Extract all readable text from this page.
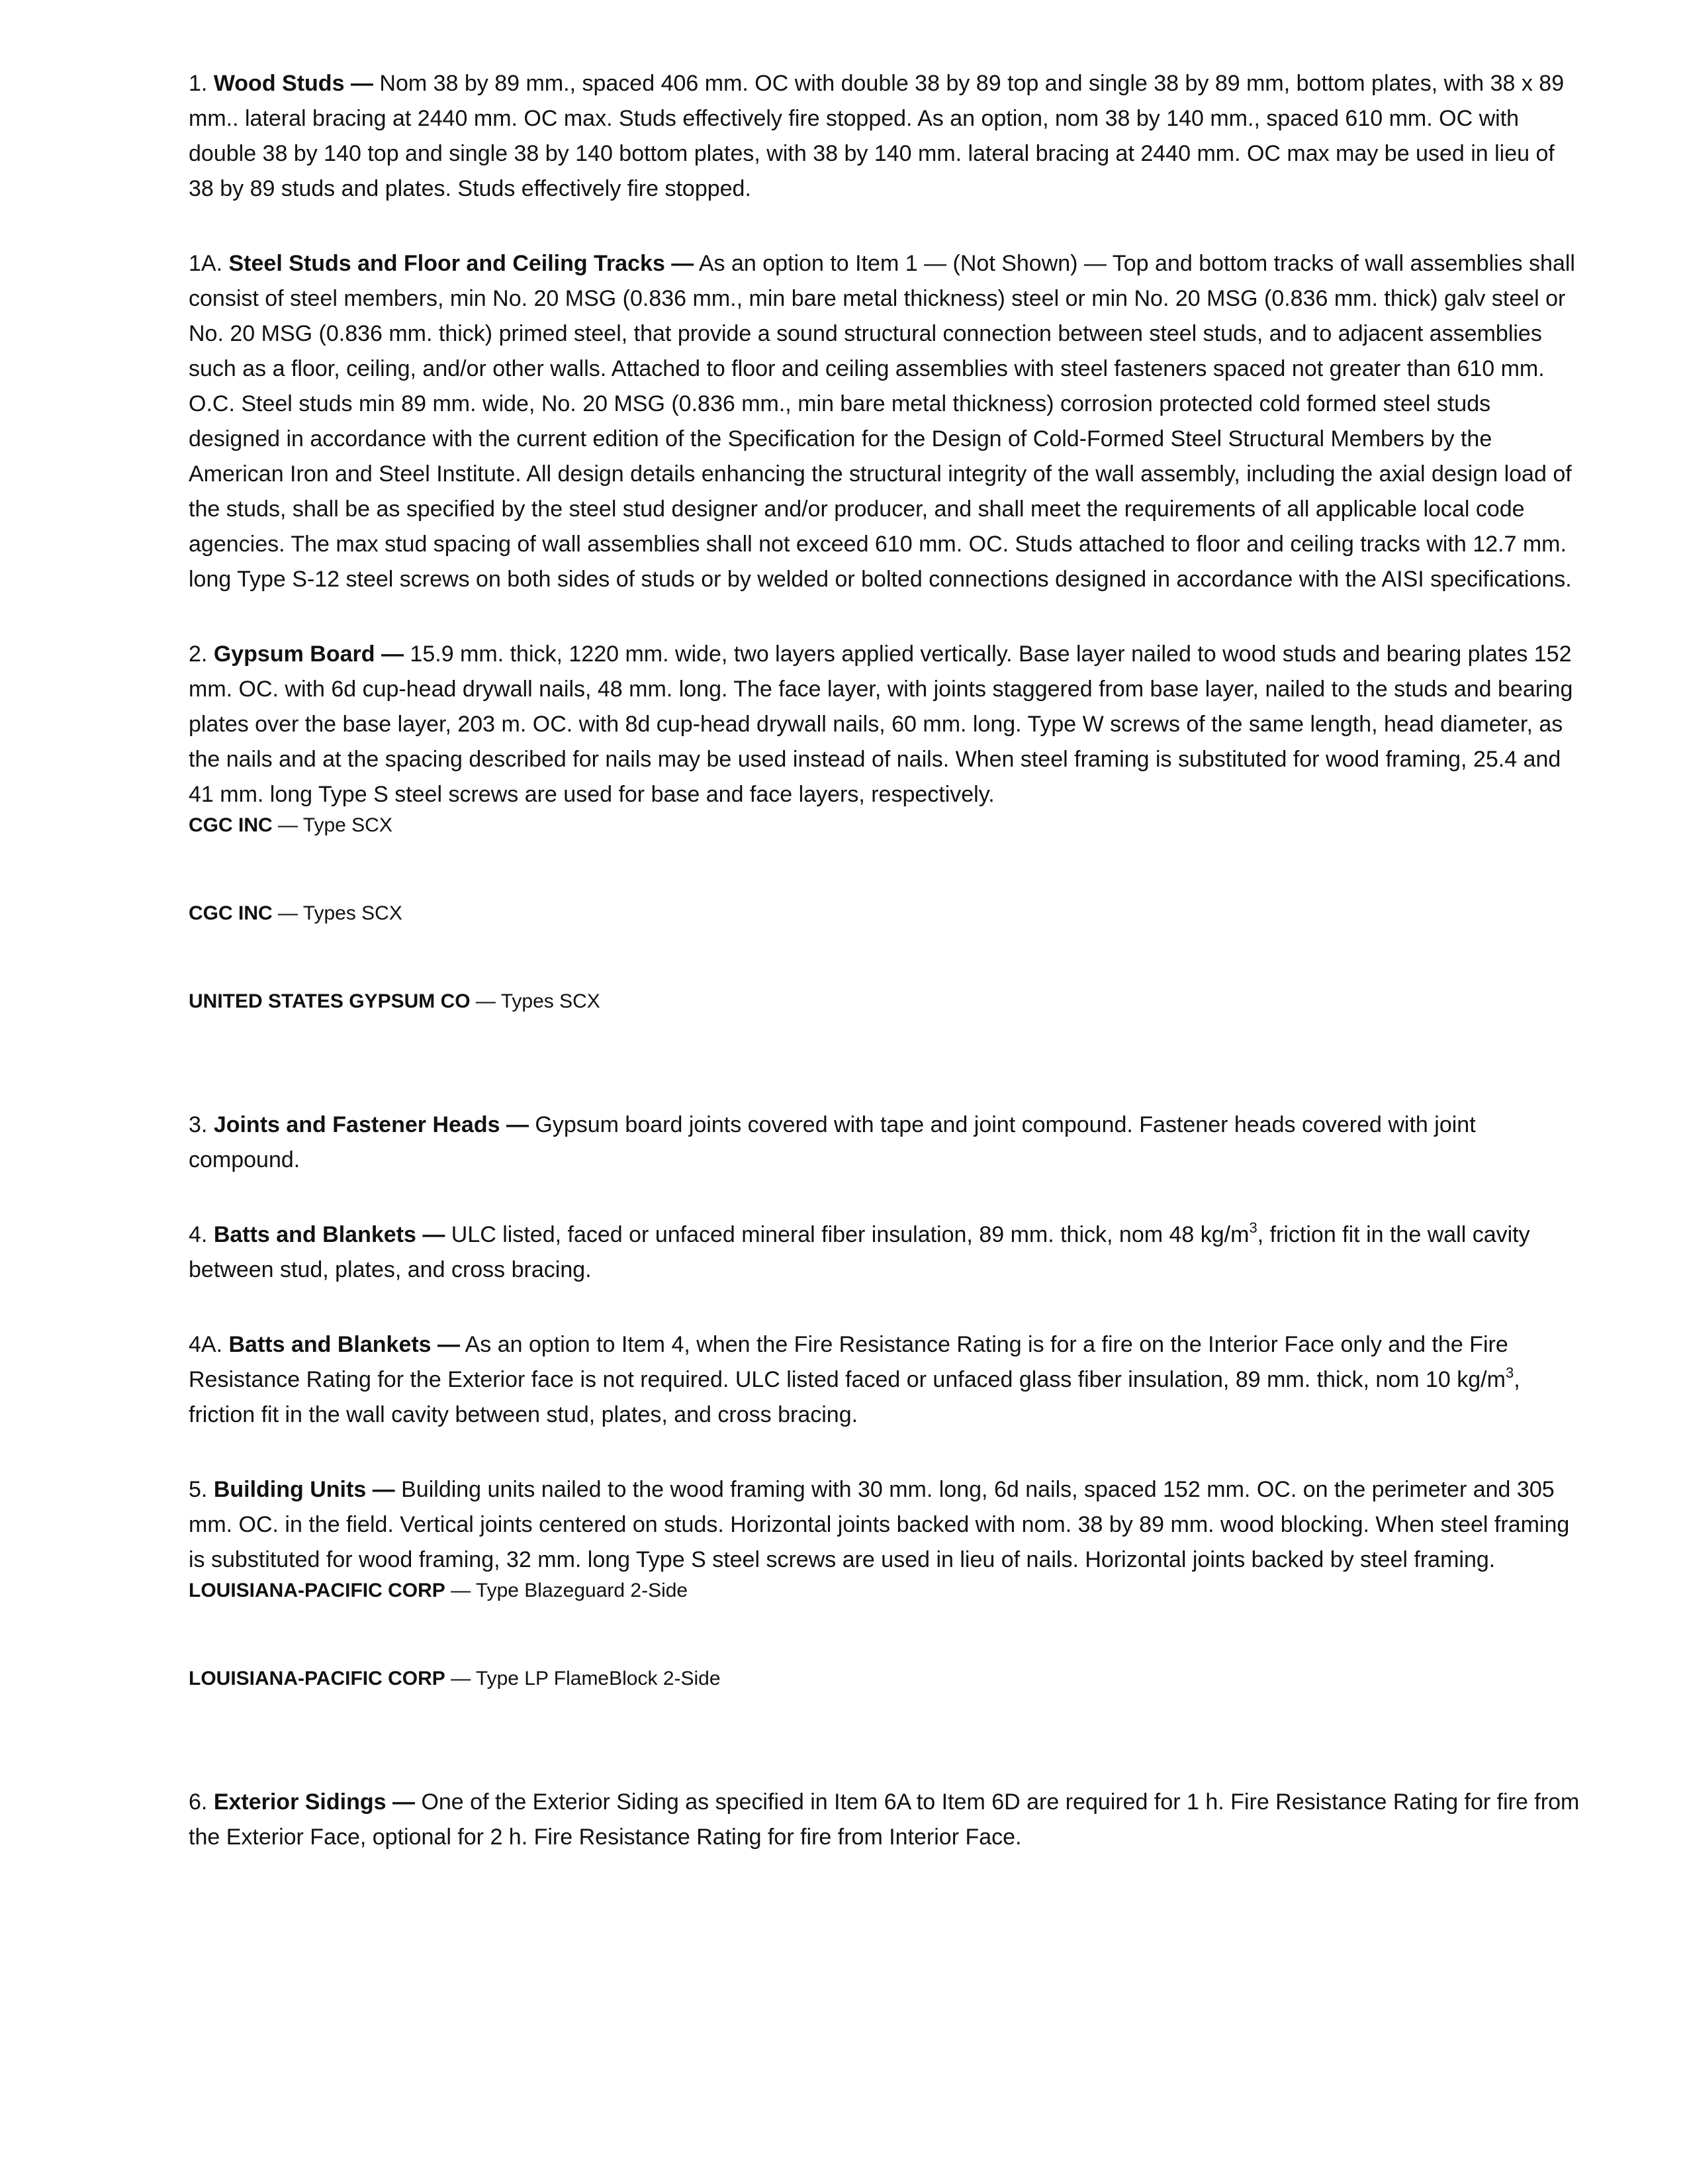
1. Wood Studs — Nom 38 by 89 mm., spaced 406 mm. OC with double 38 by 89 top and single 38 by 89 mm, bottom plates, with 38 x 89 mm.. lateral bracing at 2440 mm. OC max. Studs effectively fire stopped. As an option, nom 38 by 140 mm., spaced 610 mm. OC with double 38 by 140 top and single 38 by 140 bottom plates, with 38 by 140 mm. lateral bracing at 2440 mm. OC max may be used in lieu of 38 by 89 studs and plates. Studs effectively fire stopped.

1A. Steel Studs and Floor and Ceiling Tracks — As an option to Item 1 — (Not Shown) — Top and bottom tracks of wall assemblies shall consist of steel members, min No. 20 MSG (0.836 mm., min bare metal thickness) steel or min No. 20 MSG (0.836 mm. thick) galv steel or No. 20 MSG (0.836 mm. thick) primed steel, that provide a sound structural connection between steel studs, and to adjacent assemblies such as a floor, ceiling, and/or other walls. Attached to floor and ceiling assemblies with steel fasteners spaced not greater than 610 mm. O.C. Steel studs min 89 mm. wide, No. 20 MSG (0.836 mm., min bare metal thickness) corrosion protected cold formed steel studs designed in accordance with the current edition of the Specification for the Design of Cold-Formed Steel Structural Members by the American Iron and Steel Institute. All design details enhancing the structural integrity of the wall assembly, including the axial design load of the studs, shall be as specified by the steel stud designer and/or producer, and shall meet the requirements of all applicable local code agencies. The max stud spacing of wall assemblies shall not exceed 610 mm. OC. Studs attached to floor and ceiling tracks with 12.7 mm. long Type S-12 steel screws on both sides of studs or by welded or bolted connections designed in accordance with the AISI specifications.

2. Gypsum Board — 15.9 mm. thick, 1220 mm. wide, two layers applied vertically. Base layer nailed to wood studs and bearing plates 152 mm. OC. with 6d cup-head drywall nails, 48 mm. long. The face layer, with joints staggered from base layer, nailed to the studs and bearing plates over the base layer, 203 m. OC. with 8d cup-head drywall nails, 60 mm. long. Type W screws of the same length, head diameter, as the nails and at the spacing described for nails may be used instead of nails. When steel framing is substituted for wood framing, 25.4 and 41 mm. long Type S steel screws are used for base and face layers, respectively.

CGC INC — Type SCX

CGC INC — Types SCX

UNITED STATES GYPSUM CO — Types SCX

3. Joints and Fastener Heads — Gypsum board joints covered with tape and joint compound. Fastener heads covered with joint compound.

4. Batts and Blankets — ULC listed, faced or unfaced mineral fiber insulation, 89 mm. thick, nom 48 $kg/m^3$, friction fit in the wall cavity between stud, plates, and cross bracing.

4A. Batts and Blankets — As an option to Item 4, when the Fire Resistance Rating is for a fire on the Interior Face only and the Fire Resistance Rating for the Exterior face is not required. ULC listed faced or unfaced glass fiber insulation, 89 mm. thick, nom 10 $kg/m^3$, friction fit in the wall cavity between stud, plates, and cross bracing.

5. Building Units — Building units nailed to the wood framing with 30 mm. long, 6d nails, spaced 152 mm. OC. on the perimeter and 305 mm. OC. in the field. Vertical joints centered on studs. Horizontal joints backed with nom. 38 by 89 mm. wood blocking. When steel framing is substituted for wood framing, 32 mm. long Type S steel screws are used in lieu of nails. Horizontal joints backed by steel framing.

LOUISIANA-PACIFIC CORP — Type Blazeguard 2-Side

LOUISIANA-PACIFIC CORP — Type LP FlameBlock 2-Side

6. Exterior Sidings — One of the Exterior Siding as specified in Item 6A to Item 6D are required for 1 h. Fire Resistance Rating for fire from the Exterior Face, optional for 2 h. Fire Resistance Rating for fire from Interior Face.
